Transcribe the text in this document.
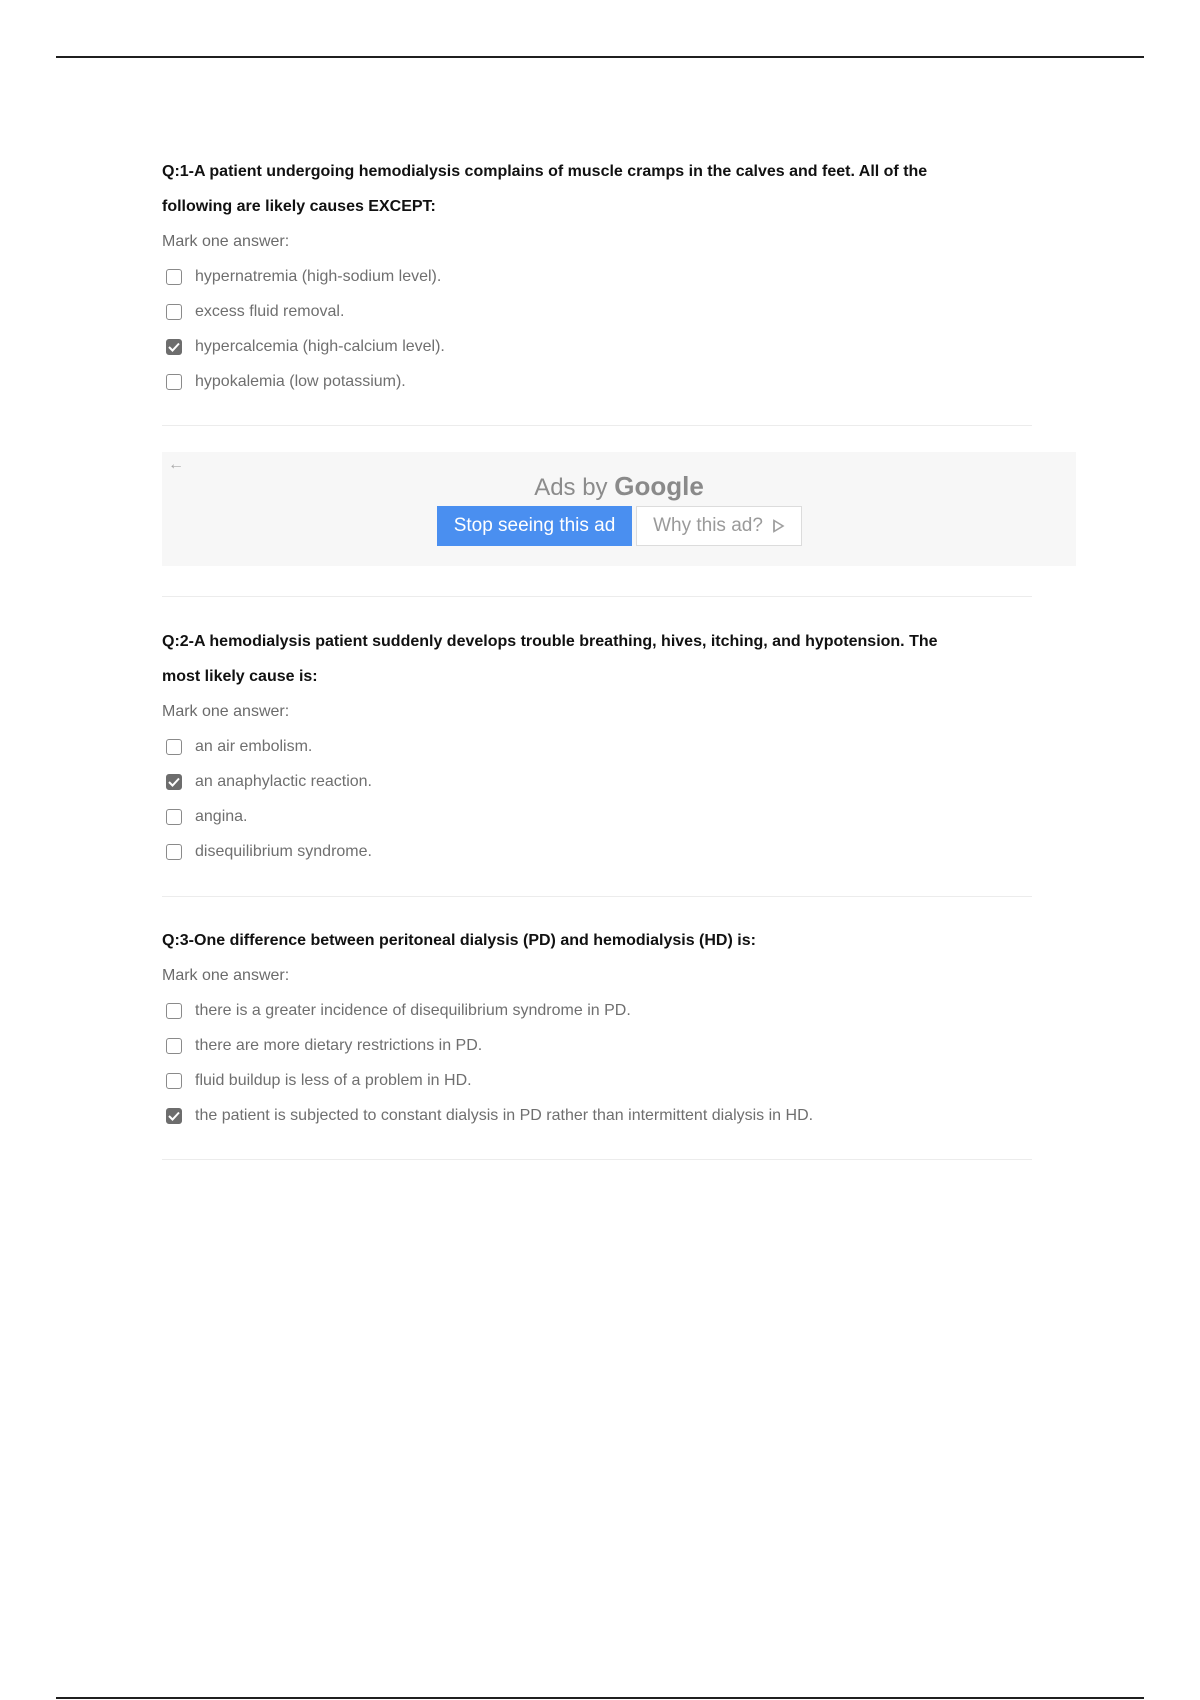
Q:1-A patient undergoing hemodialysis complains of muscle cramps in the calves and feet. All of the
following are likely causes EXCEPT:

Mark one answer:

hypernatremia (high-sodium level).
excess fluid removal.
hypercalcemia (high-calcium level).
hypokalemia (low potassium).

Q:2-A hemodialysis patient suddenly develops trouble breathing, hives, itching, and hypotension. The
most likely cause is:

Mark one answer:

an air embolism.
an anaphylactic reaction.
angina.
disequilibrium syndrome.

Q:3-One difference between peritoneal dialysis (PD) and hemodialysis (HD) is:

Mark one answer:

there is a greater incidence of disequilibrium syndrome in PD.
there are more dietary restrictions in PD.
fluid buildup is less of a problem in HD.
the patient is subjected to constant dialysis in PD rather than intermittent dialysis in HD.
←
Ads by Google
Stop seeing this ad	Why this ad?
